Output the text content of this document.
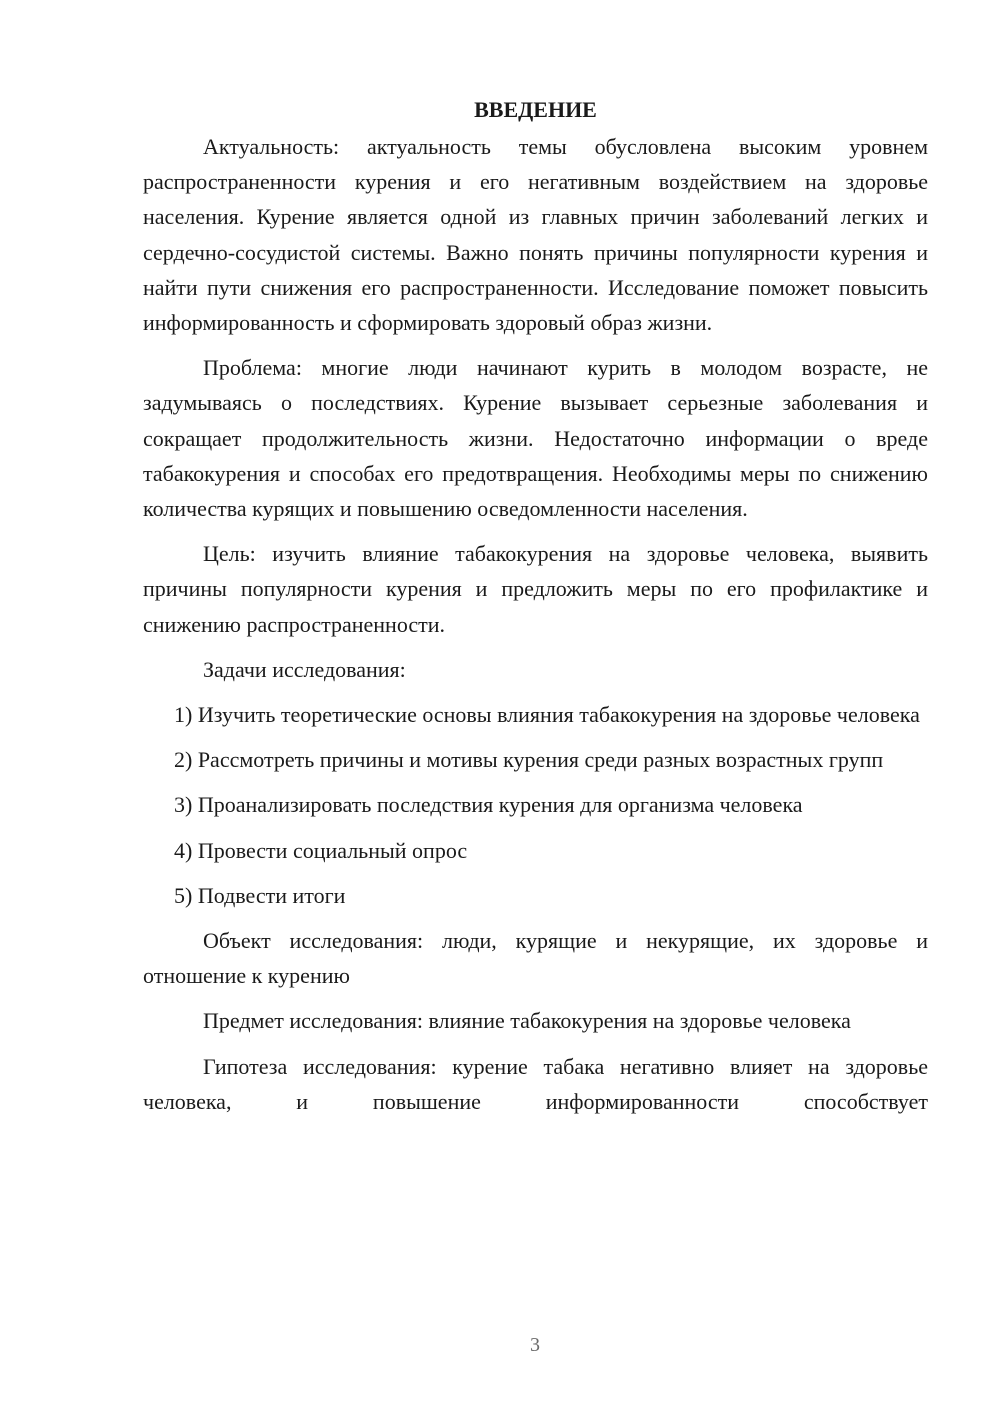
ВВЕДЕНИЕ

Актуальность: актуальность темы обусловлена высоким уровнем распространенности курения и его негативным воздействием на здоровье населения. Курение является одной из главных причин заболеваний легких и сердечно-сосудистой системы. Важно понять причины популярности курения и найти пути снижения его распространенности. Исследование поможет повысить информированность и сформировать здоровый образ жизни.

Проблема: многие люди начинают курить в молодом возрасте, не задумываясь о последствиях. Курение вызывает серьезные заболевания и сокращает продолжительность жизни. Недостаточно информации о вреде табакокурения и способах его предотвращения. Необходимы меры по снижению количества курящих и повышению осведомленности населения.

Цель: изучить влияние табакокурения на здоровье человека, выявить причины популярности курения и предложить меры по его профилактике и снижению распространенности.

Задачи исследования:

1) Изучить теоретические основы влияния табакокурения на здоровье человека

2) Рассмотреть причины и мотивы курения среди разных возрастных групп

3) Проанализировать последствия курения для организма человека

4) Провести социальный опрос

5) Подвести итоги

Объект исследования: люди, курящие и некурящие, их здоровье и отношение к курению

Предмет исследования: влияние табакокурения на здоровье человека

Гипотеза исследования: курение табака негативно влияет на здоровье человека, и повышение информированности способствует

3
